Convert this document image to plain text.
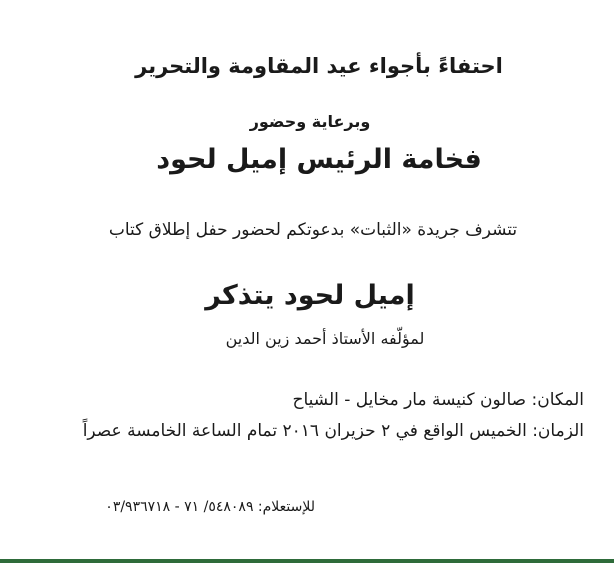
احتفاءً بأجواء عيد المقاومة والتحرير
وبرعاية وحضور
فخامة الرئيس إميل لحود
تتشرف جريدة «الثبات» بدعوتكم لحضور حفل إطلاق كتاب
إميل لحود يتذكر
لمؤلّفه الأستاذ أحمد زين الدين
المكان: صالون كنيسة مار مخايل - الشياح
الزمان: الخميس الواقع في ٢ حزيران ٢٠١٦ تمام الساعة الخامسة عصراً
للإستعلام: ٥٤٨٠٨٩/ ٧١ - ٠٣/٩٣٦٧١٨
